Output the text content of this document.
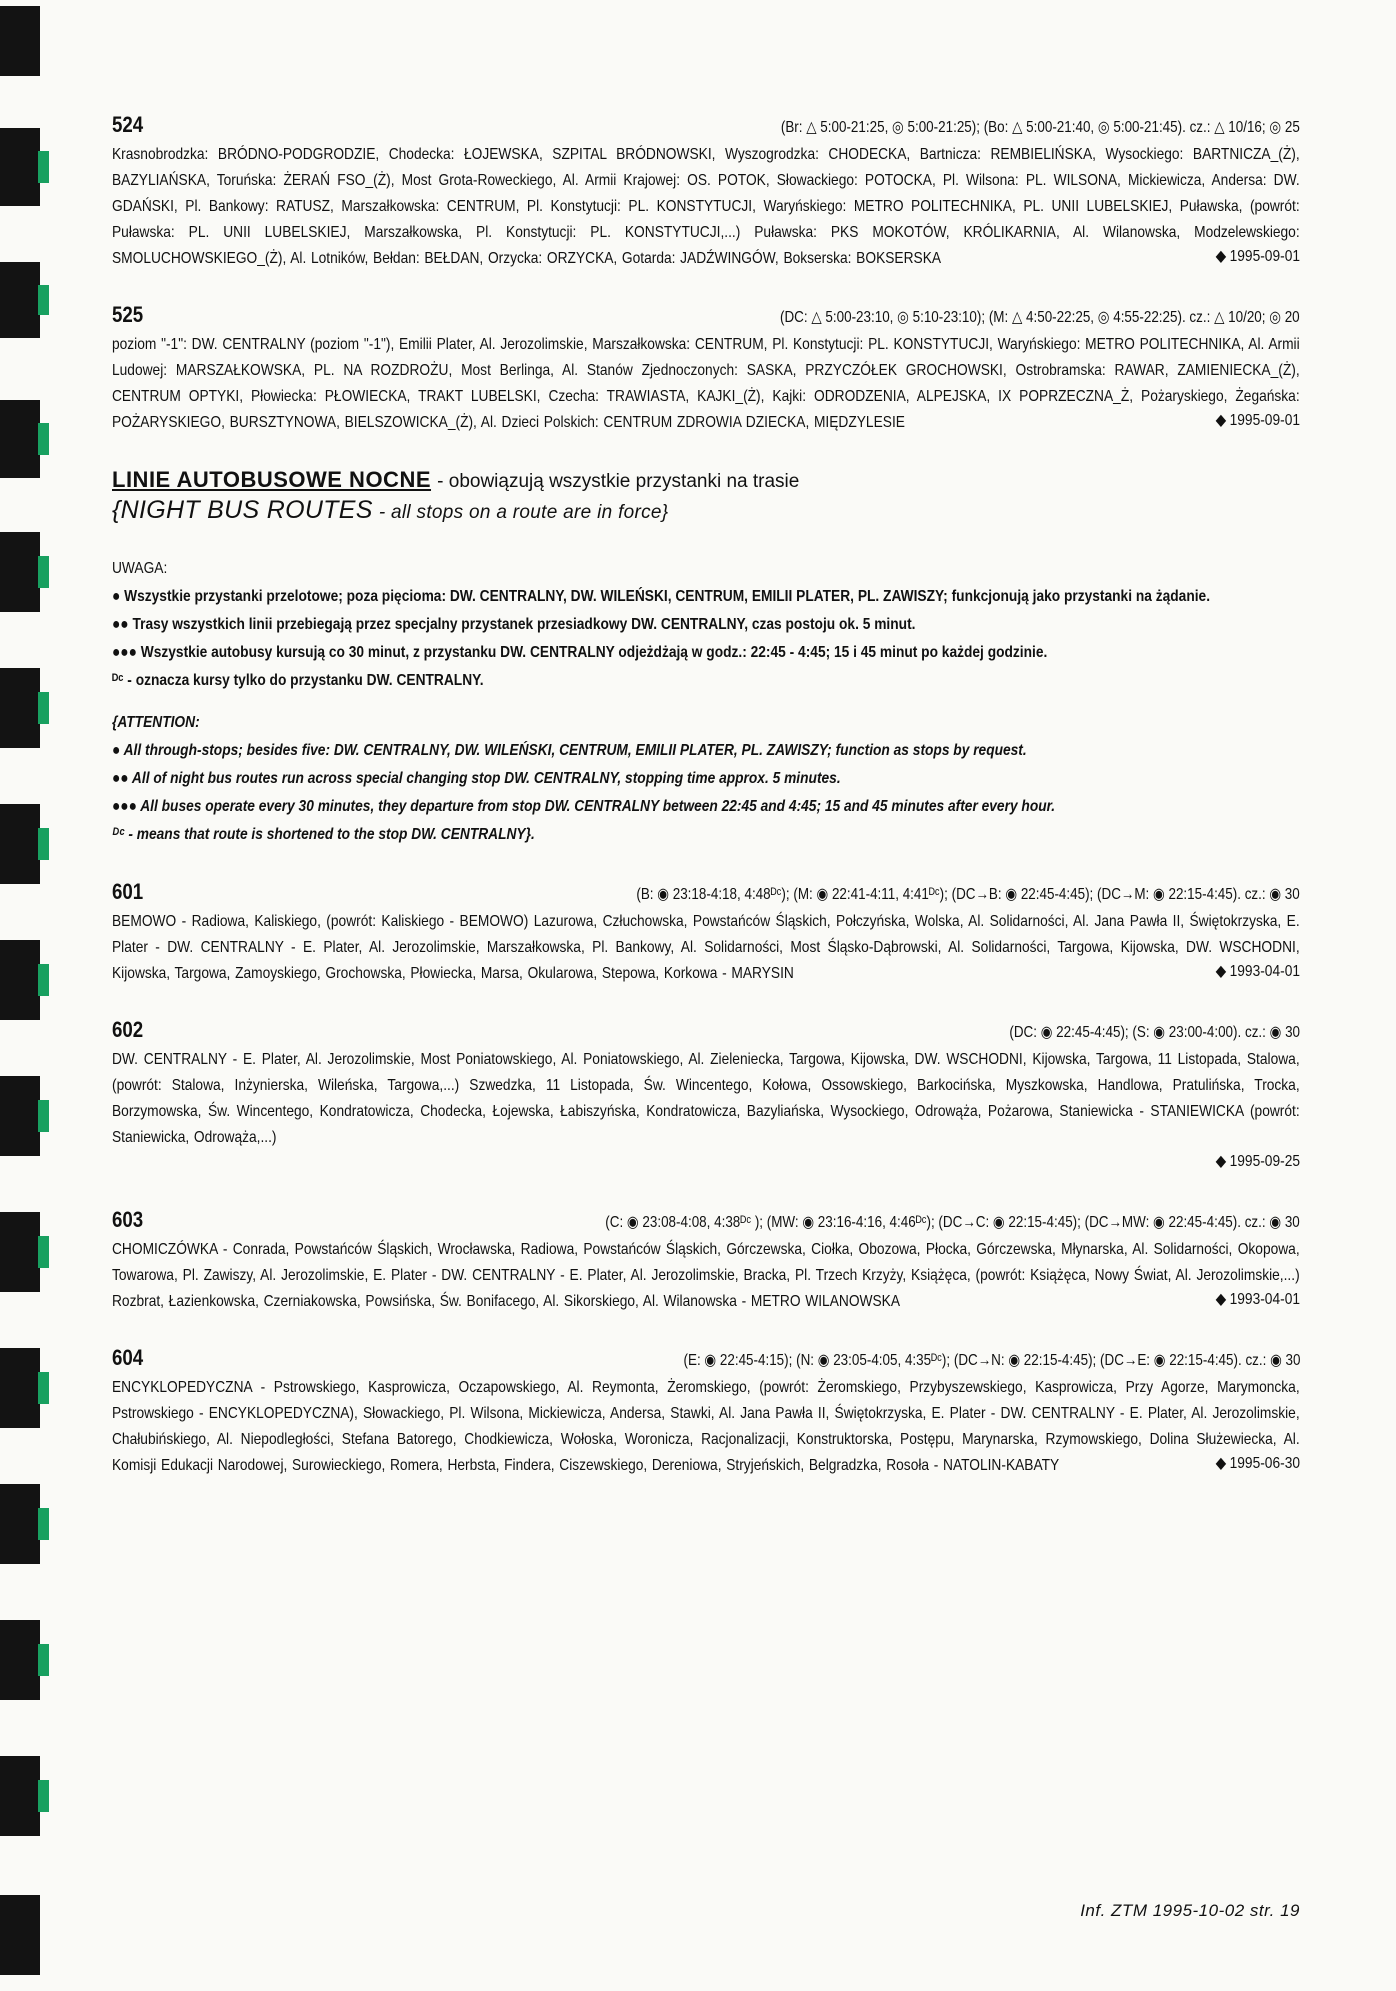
524	(Br: △ 5:00-21:25, ◎ 5:00-21:25); (Bo: △ 5:00-21:40, ◎ 5:00-21:45). cz.: △ 10/16; ◎ 25

Krasnobrodzka: BRÓDNO-PODGRODZIE, Chodecka: ŁOJEWSKA, SZPITAL BRÓDNOWSKI, Wyszogrodzka: CHODECKA, Bartnicza: REMBIELIŃSKA, Wysockiego: BARTNICZA_(Ż), BAZYLIAŃSKA, Toruńska: ŻERAŃ FSO_(Ż), Most Grota-Roweckiego, Al. Armii Krajowej: OS. POTOK, Słowackiego: POTOCKA, Pl. Wilsona: PL. WILSONA, Mickiewicza, Andersa: DW. GDAŃSKI, Pl. Bankowy: RATUSZ, Marszałkowska: CENTRUM, Pl. Konstytucji: PL. KONSTYTUCJI, Waryńskiego: METRO POLITECHNIKA, PL. UNII LUBELSKIEJ, Puławska, (powrót: Puławska: PL. UNII LUBELSKIEJ, Marszałkowska, Pl. Konstytucji: PL. KONSTYTUCJI,...) Puławska: PKS MOKOTÓW, KRÓLIKARNIA, Al. Wilanowska, Modzelewskiego: SMOLUCHOWSKIEGO_(Ż), Al. Lotników, Bełdan: BEŁDAN, Orzycka: ORZYCKA, Gotarda: JADŹWINGÓW, Bokserska: BOKSERSKA	◆ 1995-09-01
525	(DC: △ 5:00-23:10, ◎ 5:10-23:10); (M: △ 4:50-22:25, ◎ 4:55-22:25). cz.: △ 10/20; ◎ 20

poziom "-1": DW. CENTRALNY (poziom "-1"), Emilii Plater, Al. Jerozolimskie, Marszałkowska: CENTRUM, Pl. Konstytucji: PL. KONSTYTUCJI, Waryńskiego: METRO POLITECHNIKA, Al. Armii Ludowej: MARSZAŁKOWSKA, PL. NA ROZDROŻU, Most Berlinga, Al. Stanów Zjednoczonych: SASKA, PRZYCZÓŁEK GROCHOWSKI, Ostrobramska: RAWAR, ZAMIENIECKA_(Ż), CENTRUM OPTYKI, Płowiecka: PŁOWIECKA, TRAKT LUBELSKI, Czecha: TRAWIASTA, KAJKI_(Ż), Kajki: ODRODZENIA, ALPEJSKA, IX POPRZECZNA_Ż, Pożaryskiego, Żegańska: POŻARYSKIEGO, BURSZTYNOWA, BIELSZOWICKA_(Ż), Al. Dzieci Polskich: CENTRUM ZDROWIA DZIECKA, MIĘDZYLESIE	◆ 1995-09-01
LINIE AUTOBUSOWE NOCNE - obowiązują wszystkie przystanki na trasie
{NIGHT BUS ROUTES - all stops on a route are in force}
UWAGA:
● Wszystkie przystanki przelotowe; poza pięcioma: DW. CENTRALNY, DW. WILEŃSKI, CENTRUM, EMILII PLATER, PL. ZAWISZY; funkcjonują jako przystanki na żądanie.
●● Trasy wszystkich linii przebiegają przez specjalny przystanek przesiadkowy DW. CENTRALNY, czas postoju ok. 5 minut.
●●● Wszystkie autobusy kursują co 30 minut, z przystanku DW. CENTRALNY odjeżdżają w godz.: 22:45 - 4:45; 15 i 45 minut po każdej godzinie.
ᴰᶜ - oznacza kursy tylko do przystanku DW. CENTRALNY.
{ATTENTION:
● All through-stops; besides five: DW. CENTRALNY, DW. WILEŃSKI, CENTRUM, EMILII PLATER, PL. ZAWISZY; function as stops by request.
●● All of night bus routes run across special changing stop DW. CENTRALNY, stopping time approx. 5 minutes.
●●● All buses operate every 30 minutes, they departure from stop DW. CENTRALNY between 22:45 and 4:45; 15 and 45 minutes after every hour.
ᴰᶜ - means that route is shortened to the stop DW. CENTRALNY}.
601	(B: ◉ 23:18-4:18, 4:48ᴰᶜ); (M: ◉ 22:41-4:11, 4:41ᴰᶜ); (DC→B: ◉ 22:45-4:45); (DC→M: ◉ 22:15-4:45). cz.: ◉ 30

BEMOWO - Radiowa, Kaliskiego, (powrót: Kaliskiego - BEMOWO) Lazurowa, Człuchowska, Powstańców Śląskich, Połczyńska, Wolska, Al. Solidarności, Al. Jana Pawła II, Świętokrzyska, E. Plater - DW. CENTRALNY - E. Plater, Al. Jerozolimskie, Marszałkowska, Pl. Bankowy, Al. Solidarności, Most Śląsko-Dąbrowski, Al. Solidarności, Targowa, Kijowska, DW. WSCHODNI, Kijowska, Targowa, Zamoyskiego, Grochowska, Płowiecka, Marsa, Okularowa, Stepowa, Korkowa - MARYSIN	◆ 1993-04-01
602	(DC: ◉ 22:45-4:45); (S: ◉ 23:00-4:00). cz.: ◉ 30

DW. CENTRALNY - E. Plater, Al. Jerozolimskie, Most Poniatowskiego, Al. Poniatowskiego, Al. Zieleniecka, Targowa, Kijowska, DW. WSCHODNI, Kijowska, Targowa, 11 Listopada, Stalowa, (powrót: Stalowa, Inżynierska, Wileńska, Targowa,...) Szwedzka, 11 Listopada, Św. Wincentego, Kołowa, Ossowskiego, Barkocińska, Myszkowska, Handlowa, Pratulińska, Trocka, Borzymowska, Św. Wincentego, Kondratowicza, Chodecka, Łojewska, Łabiszyńska, Kondratowicza, Bazyliańska, Wysockiego, Odrowąża, Pożarowa, Staniewicka - STANIEWICKA (powrót: Staniewicka, Odrowąża,...)

◆ 1995-09-25
603	(C: ◉ 23:08-4:08, 4:38ᴰᶜ ); (MW: ◉ 23:16-4:16, 4:46ᴰᶜ); (DC→C: ◉ 22:15-4:45); (DC→MW: ◉ 22:45-4:45). cz.: ◉ 30

CHOMICZÓWKA - Conrada, Powstańców Śląskich, Wrocławska, Radiowa, Powstańców Śląskich, Górczewska, Ciołka, Obozowa, Płocka, Górczewska, Młynarska, Al. Solidarności, Okopowa, Towarowa, Pl. Zawiszy, Al. Jerozolimskie, E. Plater - DW. CENTRALNY - E. Plater, Al. Jerozolimskie, Bracka, Pl. Trzech Krzyży, Książęca, (powrót: Książęca, Nowy Świat, Al. Jerozolimskie,...) Rozbrat, Łazienkowska, Czerniakowska, Powsińska, Św. Bonifacego, Al. Sikorskiego, Al. Wilanowska - METRO WILANOWSKA	◆ 1993-04-01
604	(E: ◉ 22:45-4:15); (N: ◉ 23:05-4:05, 4:35ᴰᶜ); (DC→N: ◉ 22:15-4:45); (DC→E: ◉ 22:15-4:45). cz.: ◉ 30

ENCYKLOPEDYCZNA - Pstrowskiego, Kasprowicza, Oczapowskiego, Al. Reymonta, Żeromskiego, (powrót: Żeromskiego, Przybyszewskiego, Kasprowicza, Przy Agorze, Marymoncka, Pstrowskiego - ENCYKLOPEDYCZNA), Słowackiego, Pl. Wilsona, Mickiewicza, Andersa, Stawki, Al. Jana Pawła II, Świętokrzyska, E. Plater - DW. CENTRALNY - E. Plater, Al. Jerozolimskie, Chałubińskiego, Al. Niepodległości, Stefana Batorego, Chodkiewicza, Wołoska, Woronicza, Racjonalizacji, Konstruktorska, Postępu, Marynarska, Rzymowskiego, Dolina Służewiecka, Al. Komisji Edukacji Narodowej, Surowieckiego, Romera, Herbsta, Findera, Ciszewskiego, Dereniowa, Stryjeńskich, Belgradzka, Rosoła - NATOLIN-KABATY	◆ 1995-06-30
Inf. ZTM 1995-10-02 str. 19
